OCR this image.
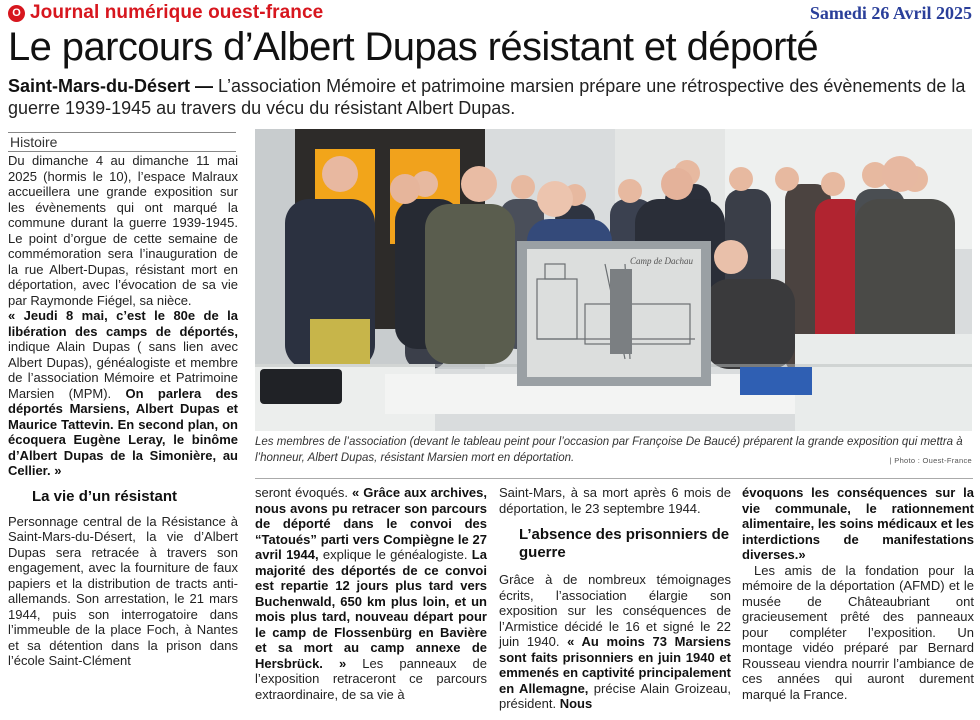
O Journal numérique ouest-france	Samedi 26 Avril 2025
Le parcours d’Albert Dupas résistant et déporté
Saint-Mars-du-Désert — L’association Mémoire et patrimoine marsien prépare une rétrospective des évènements de la guerre 1939-1945 au travers du vécu du résistant Albert Dupas.
Histoire

Du dimanche 4 au dimanche 11 mai 2025 (hormis le 10), l’espace Malraux accueillera une grande exposition sur les évènements qui ont marqué la commune durant la guerre 1939-1945. Le point d’orgue de cette semaine de commémoration sera l’inauguration de la rue Albert-Dupas, résistant mort en déportation, avec l’évocation de sa vie par Raymonde Fiégel, sa nièce.

« Jeudi 8 mai, c’est le 80e de la libération des camps de déportés, indique Alain Dupas ( sans lien avec Albert Dupas), généalogiste et membre de l’association Mémoire et Patrimoine Marsien (MPM). On parlera des déportés Marsiens, Albert Dupas et Maurice Tattevin. En second plan, on écoquera Eugène Leray, le binôme d’Albert Dupas de la Simonière, au Cellier. »

La vie d’un résistant

Personnage central de la Résistance à Saint-Mars-du-Désert, la vie d’Albert Dupas sera retracée à travers son engagement, avec la fourniture de faux papiers et la distribution de tracts anti-allemands. Son arrestation, le 21 mars 1944, puis son interrogatoire dans l’immeuble de la place Foch, à Nantes et sa détention dans la prison dans l’école Saint-Clément

Camp de Dachau
Les membres de l’association (devant le tableau peint pour l’occasion par Françoise De Baucé) préparent la grande exposition qui mettra à l’honneur, Albert Dupas, résistant Marsien mort en déportation.	| Photo : Ouest-France

seront évoqués. « Grâce aux archives, nous avons pu retracer son parcours de déporté dans le convoi des “Tatoués” parti vers Compiègne le 27 avril 1944, explique le généalogiste. La majorité des déportés de ce convoi est repartie 12 jours plus tard vers Buchenwald, 650 km plus loin, et un mois plus tard, nouveau départ pour le camp de Flossenbürg en Bavière et sa mort au camp annexe de Hersbrück. » Les panneaux de l’exposition retraceront ce parcours extraordinaire, de sa vie à

Saint-Mars, à sa mort après 6 mois de déportation, le 23 septembre 1944.

L’absence des prisonniers de guerre

Grâce à de nombreux témoignages écrits, l’association élargie son exposition sur les conséquences de l’Armistice décidé le 16 et signé le 22 juin 1940. « Au moins 73 Marsiens sont faits prisonniers en juin 1940 et emmenés en captivité principalement en Allemagne, précise Alain Groizeau, président. Nous

évoquons les conséquences sur la vie communale, le rationnement alimentaire, les soins médicaux et les interdictions de manifestations diverses.»

Les amis de la fondation pour la mémoire de la déportation (AFMD) et le musée de Châteaubriant ont gracieusement prêté des panneaux pour compléter l’exposition. Un montage vidéo préparé par Bernard Rousseau viendra nourrir l’ambiance de ces années qui auront durement marqué la France.
